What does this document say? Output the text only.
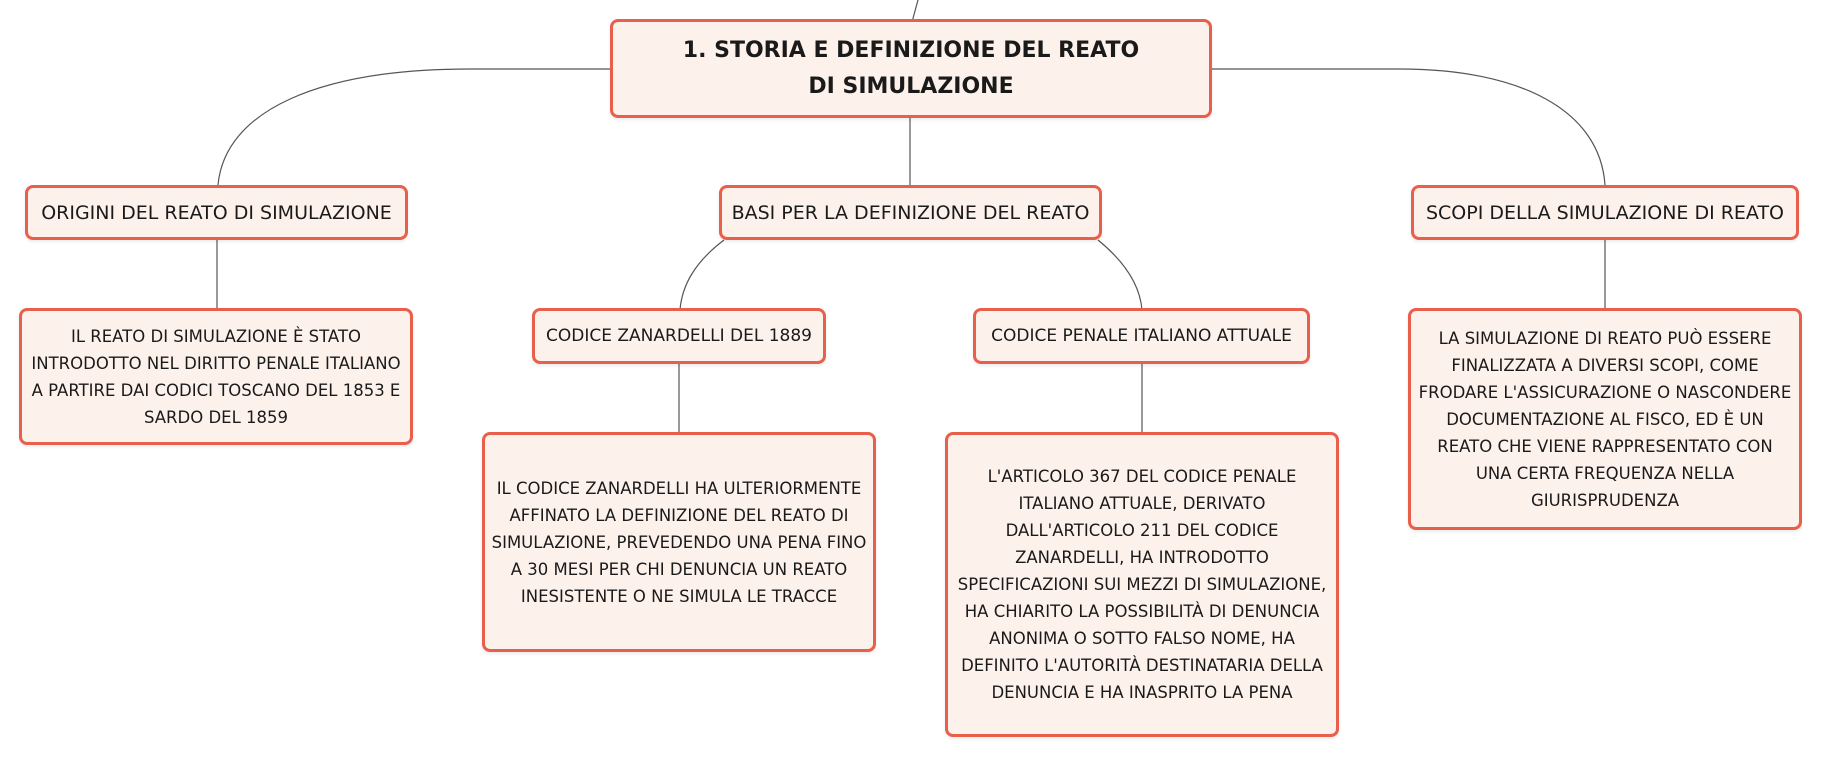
1. STORIA E DEFINIZIONE DEL REATO DI SIMULAZIONE
ORIGINI DEL REATO DI SIMULAZIONE	BASI PER LA DEFINIZIONE DEL REATO	SCOPI DELLA SIMULAZIONE DI REATO
IL REATO DI SIMULAZIONE È STATO INTRODOTTO NEL DIRITTO PENALE ITALIANO A PARTIRE DAI CODICI TOSCANO DEL 1853 E SARDO DEL 1859
CODICE ZANARDELLI DEL 1889	CODICE PENALE ITALIANO ATTUALE
IL CODICE ZANARDELLI HA ULTERIORMENTE AFFINATO LA DEFINIZIONE DEL REATO DI SIMULAZIONE, PREVEDENDO UNA PENA FINO A 30 MESI PER CHI DENUNCIA UN REATO INESISTENTE O NE SIMULA LE TRACCE
L'ARTICOLO 367 DEL CODICE PENALE ITALIANO ATTUALE, DERIVATO DALL'ARTICOLO 211 DEL CODICE ZANARDELLI, HA INTRODOTTO SPECIFICAZIONI SUI MEZZI DI SIMULAZIONE, HA CHIARITO LA POSSIBILITÀ DI DENUNCIA ANONIMA O SOTTO FALSO NOME, HA DEFINITO L'AUTORITÀ DESTINATARIA DELLA DENUNCIA E HA INASPRITO LA PENA
LA SIMULAZIONE DI REATO PUÒ ESSERE FINALIZZATA A DIVERSI SCOPI, COME FRODARE L'ASSICURAZIONE O NASCONDERE DOCUMENTAZIONE AL FISCO, ED È UN REATO CHE VIENE RAPPRESENTATO CON UNA CERTA FREQUENZA NELLA GIURISPRUDENZA
